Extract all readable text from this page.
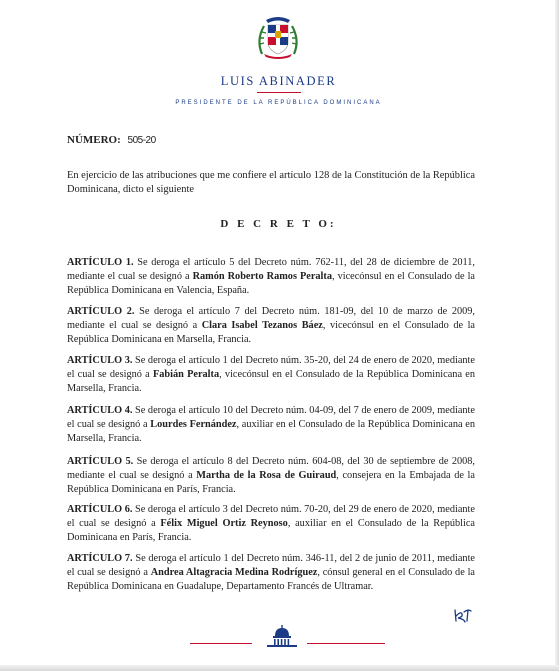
LUIS ABINADER
PRESIDENTE DE LA REPÚBLICA DOMINICANA
NÚMERO: 505-20
En ejercicio de las atribuciones que me confiere el artículo 128 de la Constitución de la República Dominicana, dicto el siguiente
D E C R E T O:
ARTÍCULO 1. Se deroga el artículo 5 del Decreto núm. 762-11, del 28 de diciembre de 2011, mediante el cual se designó a Ramón Roberto Ramos Peralta, vicecónsul en el Consulado de la República Dominicana en Valencia, España.
ARTÍCULO 2. Se deroga el artículo 7 del Decreto núm. 181-09, del 10 de marzo de 2009, mediante el cual se designó a Clara Isabel Tezanos Báez, vicecónsul en el Consulado de la República Dominicana en Marsella, Francia.
ARTÍCULO 3. Se deroga el artículo 1 del Decreto núm. 35-20, del 24 de enero de 2020, mediante el cual se designó a Fabián Peralta, vicecónsul en el Consulado de la República Dominicana en Marsella, Francia.
ARTÍCULO 4. Se deroga el artículo 10 del Decreto núm. 04-09, del 7 de enero de 2009, mediante el cual se designó a Lourdes Fernández, auxiliar en el Consulado de la República Dominicana en Marsella, Francia.
ARTÍCULO 5. Se deroga el artículo 8 del Decreto núm. 604-08, del 30 de septiembre de 2008, mediante el cual se designó a Martha de la Rosa de Guiraud, consejera en la Embajada de la República Dominicana en París, Francia.
ARTÍCULO 6. Se deroga el artículo 3 del Decreto núm. 70-20, del 29 de enero de 2020, mediante el cual se designó a Félix Miguel Ortiz Reynoso, auxiliar en el Consulado de la República Dominicana en París, Francia.
ARTÍCULO 7. Se deroga el artículo 1 del Decreto núm. 346-11, del 2 de junio de 2011, mediante el cual se designó a Andrea Altagracia Medina Rodríguez, cónsul general en el Consulado de la República Dominicana en Guadalupe, Departamento Francés de Ultramar.
